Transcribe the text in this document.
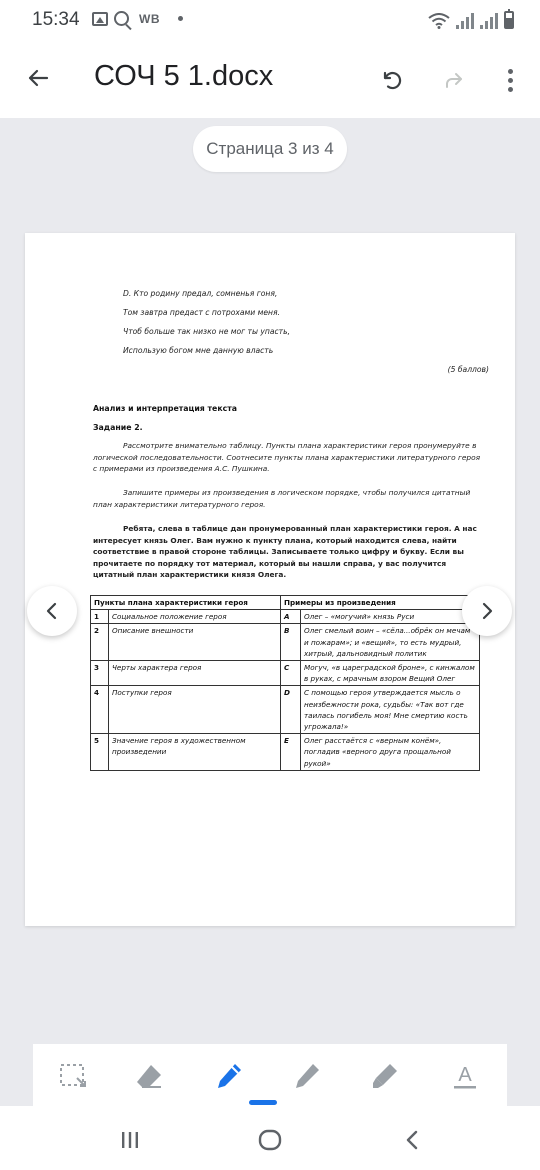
15:34	WB
СОЧ 5 1.docx
Страница 3 из 4
D. Кто родину предал, сомненья гоня,
Том завтра предаст с потрохами меня.
Чтоб больше так низко не мог ты упасть,
Использую богом мне данную власть
(5 баллов)
Анализ и интерпретация текста
Задание 2.
Рассмотрите внимательно таблицу. Пункты плана характеристики героя пронумеруйте в логической последовательности. Соотнесите пункты плана характеристики литературного героя с примерами из произведения А.С. Пушкина.
Запишите примеры из произведения в логическом порядке, чтобы получился цитатный план характеристики литературного героя.
Ребята, слева в таблице дан пронумерованный план характеристики героя. А нас интересует князь Олег. Вам нужно к пункту плана, который находится слева, найти соответствие в правой стороне таблицы. Записываете только цифру и букву. Если вы прочитаете по порядку тот материал, который вы нашли справа, у вас получится цитатный план характеристики князя Олега.
Пункты плана характеристики героя		Примеры из произведения	
1	Социальное положение героя	A	Олег – «могучий» князь Руси
2	Описание внешности	B	Олег смелый воин – «сёла...обрёк он мечам и пожарам»; и «вещий», то есть мудрый, хитрый, дальновидный политик
3	Черты характера героя	C	Могуч, «в цареградской броне», с кинжалом в руках, с мрачным взором Вещий Олег
4	Поступки героя	D	С помощью героя утверждается мысль о неизбежности рока, судьбы: «Так вот где таилась погибель моя! Мне смертию кость угрожала!»
5	Значение героя в художественном произведении	E	Олег расстаётся с «верным конём», погладив «верного друга прощальной рукой»
A
